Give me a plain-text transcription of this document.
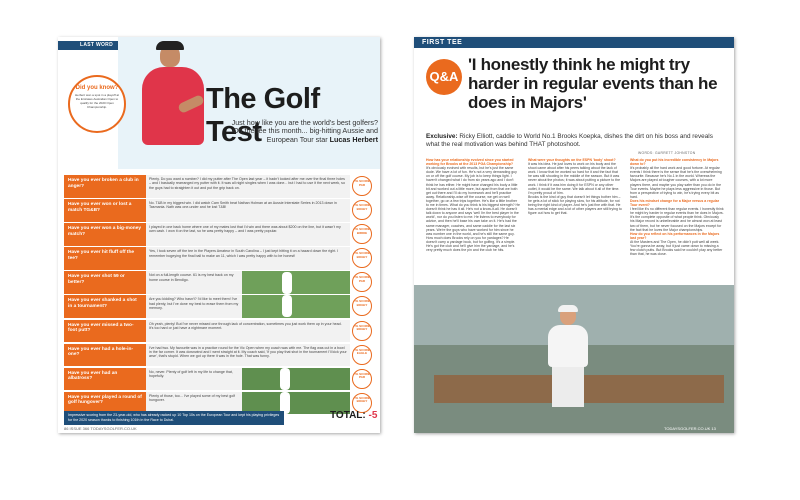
LAST WORD
Did you know?
Herbert won a spot in a playoff at the Emirates Australian Open to qualify for the 2020 Open Championship.	The Golf Test
Just how like you are the world's best golfers? On the tee this month... big-hitting Aussie and European Tour star Lucas Herbert
Have you ever broken a club in anger?
Plenty. Do you want a number? I did my putter after The Open last year – it hadn't looked after me over the final three holes – and I basically rearranged my putter with it. It was all night singles when I was done... but I had to use it the next week, so the guys had to straighten it out and put the grip back on.
TG SCORE
PAR
Have you ever won or lost a match TG&B?
No. T&B in my biggest win. I did watch Cam Smith beat Nathan Holman at an Aussie Interstate Series in 2013 down in Tasmania. Nath was one-under and he lost T&B!
TG SCORE
BOGEY
Have you ever won a big-money match?
I played in one back home where one of my mates lost that I'd win and there was about $200 on the line, but it wasn't my own cash. I won it on the last, so he was pretty happy – and I was pretty popular.
TG SCORE
BIRDIE
Have you ever hit fluff off the tee?
Yes, I took seven off the tee in the Players Amateur in South Carolina – I just kept hitting it on a hazard down the right. I remember bogeying the final ball to make an 11, which I was pretty happy with to be honest!
TG SCORE
BOGEY
Have you ever shot 59 or better?
Not on a full-length course. 61 is my best back on my home course in Bendigo.
TG SCORE
PAR
Have you ever shanked a shot in a tournament?
Are you kidding? Who hasn't? I'd like to meet them! I've had plenty, but I've done my best to erase them from my memory.
TG SCORE
BOGEY
Have you ever missed a two-foot putt?
Oh yeah, plenty! But I've never missed one through lack of concentration, sometimes you just work them up in your head. It's too hard or just have a nightmare moment.
TG SCORE
BOGEY
Have you ever had a hole-in-one?
I've had two. My favourite was in a practice round for the Vic Open when my coach was with me. The flag was cut in a bowl in the far corner. It was downwind and I went straight at it. My coach said, 'If you play that shot in the tournament I'll kick your arse', that's stupid. When we got up there it was in the hole. That was funny.
TG SCORE
EAGLE
Have you ever had an albatross?
No, never. Plenty of golf left in my life to change that, hopefully.
TG SCORE
PAR
Have you ever played a round of golf hungover?
Plenty of those, too... I've played some of my best golf hungover.
TG SCORE
BOGEY
Impressive scoring from the 23-year-old, who has already racked up 10 Top 10s on the European Tour and kept his playing privileges for the 2020 season thanks to finishing 101th in the Race to Dubai.	TOTAL: -5
86 ISSUE 366 TODAYSGOLFER.CO.UK
FIRST TEE
Q&A
'I honestly think he might try harder in regular events than he does in Majors'
Exclusive: Ricky Elliott, caddie to World No.1 Brooks Koepka, dishes the dirt on his boss and reveals what the real motivation was behind THAT photoshoot.
WORDS: GARRETT JOHNSTON
How has your relationship evolved since you started working for Brooks at the 2013 PGA Championship?
It's obviously evolved with results, but he's just the same dude. We have a lot of fun. He's not a very demanding guy on or off the golf course. My job is to keep things light. I haven't changed what I do from six years ago and I don't think he has either. He might have changed his body a little bit and worked out a little more, but apart from that we both get out there and I'll do my homework and he'll practice away. Relationship-wise off the course, we get on well together, go on a few trips together. He's like a little brother to me in times. What do you think is his biggest strength? He doesn't think he has it all. He's not a know-it-all. He doesn't talk down to anyone and says 'well I'm the best player in the world', nor do you listen to me. He listens to everybody for advice, and then he'll base his own take on it. He's had the same manager, coaches, and same caddie for the last six years. We're the guys who have worked for him since he was number one in the world, and he's still the same guy. How much does Brooks rely on you for yardages? He doesn't carry a yardage book, but for golfing, it's a simple. He's got the club and he'll give him the yardage, and he's very pretty much does the pin and the club he hits.
What were your thoughts on the ESPN 'body' shoot?
It was his idea. He just loves to work on his body and the shoot came about after his peers talking about the lack of work. I know that he worked so hard for it and the fact that he was still shooting in the middle of the season. But it was never about the photos; it was about putting a picture to the work. I think if it was him doing it for ESPN or any other outlet, it would be the same. We talk about it all of the time. I'm pretty proud of him.
Brooks is the kind of guy that doesn't let things bother him – he gets a lot of stick for playing slow, for his attitude, for not being the right kind of player. And he's just fine with that. He has a mental edge and a lot of other players are still trying to figure out how to get that.
What do you put his incredible consistency in Majors down to?
It's probably all the hard work and good fortune. At regular events I think there is the sense that he's the overwhelming favourite. Because he's No.1 in the world. Whereas the Majors are played at tougher courses, with a lot more players there, and maybe you play safer than you do in the Tour events. Maybe he plays less aggressive in those. But from a perspective of trying to win, he's trying every bit as hard.
Does his mindset change for a Major versus a regular Tour event?
I feel like it's no different than regular events. I honestly think he might try harder in regular events than he does in Majors. It's the complete opposite of what people think. Obviously his Major record is unbelievable and he almost won at least two of them, but he never focused on the Majors except for the fact that he loves the Major championships.
How do you reflect on his performances in the Majors last year?
At the Masters and The Open, he didn't putt well all week. You're gonna be away, but it just came down to missing a few clutch putts. But Brooks said he couldn't play any better than that, he was close.
TODAYSGOLFER.CO.UK 13
